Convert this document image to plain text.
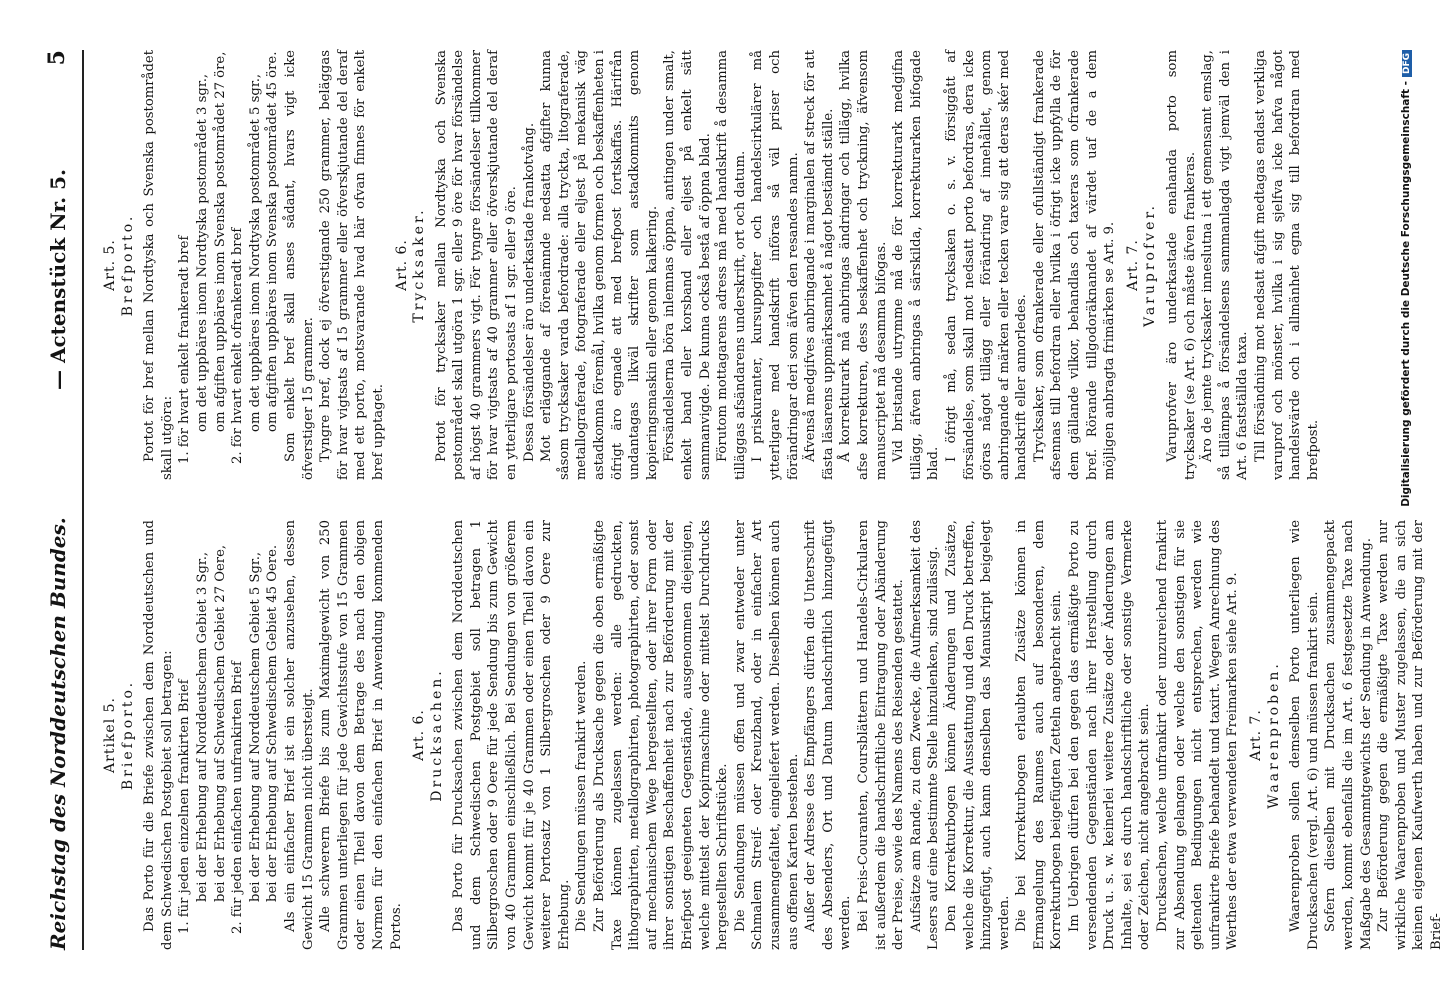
Reichstag des Norddeutschen Bundes.
— Actenstück Nr. 5.
5
Artikel 5. Briefporto. Das Porto für die Briefe zwischen dem Norddeutschen und dem Schwedischen Postgebiet soll betragen: 1. für jeden einzelnen frankirten Brief bei der Erhebung auf Norddeutschem Gebiet 3 Sgr., bei der Erhebung auf Schwedischem Gebiet 27 Oere, 2. für jeden einfachen unfrankirten Brief bei der Erhebung auf Norddeutschem Gebiet 5 Sgr., bei der Erhebung auf Schwedischem Gebiet 45 Oere. Als ein einfacher Brief ist ein solcher anzusehen, dessen Gewicht 15 Grammen nicht übersteigt. Alle schwerern Briefe bis zum Maximalgewicht von 250 Grammen unterliegen für jede Gewichtsstufe von 15 Grammen oder einen Theil davon dem Betrage des nach den obigen Normen für den einfachen Brief in Anwendung kommenden Portos.

Art. 6. Drucksachen. Das Porto für Drucksachen zwischen dem Norddeutschen und dem Schwedischen Postgebiet soll betragen 1 Silbergroschen oder 9 Oere für jede Sendung bis zum Gewicht von 40 Grammen einschließlich. Bei Sendungen von größerem Gewicht kommt für je 40 Grammen oder einen Theil davon ein weiterer Portosatz von 1 Silbergroschen oder 9 Oere zur Erhebung. Die Sendungen müssen frankirt werden. Zur Beförderung als Drucksache gegen die oben ermäßigte Taxe können zugelassen werden: alle gedruckten, lithographirten, metallographirten, photographirten, oder sonst auf mechanischem Wege hergestellten, oder ihrer Form oder ihrer sonstigen Beschaffenheit nach zur Beförderung mit der Briefpost geeigneten Gegenstände, ausgenommen diejenigen, welche mittelst der Kopirmaschine oder mittelst Durchdrucks hergestellten Schriftstücke. Die Sendungen müssen offen und zwar entweder unter Schmalem Streif- oder Kreuzband, oder in einfacher Art zusammengefaltet, eingeliefert werden. Dieselben können auch aus offenen Karten bestehen. Außer der Adresse des Empfängers dürfen die Unterschrift des Absenders, Ort und Datum handschriftlich hinzugefügt werden. Bei Preis-Couranten, Coursblättern und Handels-Cirkularen ist außerdem die handschriftliche Eintragung oder Abänderung der Preise, sowie des Namens des Reisenden gestattet. Aufsätze am Rande, zu dem Zwecke, die Aufmerksamkeit des Lesers auf eine bestimmte Stelle hinzulenken, sind zulässig. Den Korrekturbogen können Änderungen und Zusätze, welche die Korrektur, die Ausstattung und den Druck betreffen, hinzugefügt, auch kann denselben das Manuskript beigelegt werden. Die bei Korrekturbogen erlaubten Zusätze können in Ermangelung des Raumes auch auf besonderen, dem Korrekturbogen beigefügten Zetteln angebracht sein. Im Uebrigen dürfen bei den gegen das ermäßigte Porto zu versendenden Gegenständen nach ihrer Herstellung durch Druck u. s. w. keinerlei weitere Zusätze oder Änderungen am Inhalte, sei es durch handschriftliche oder sonstige Vermerke oder Zeichen, nicht angebracht sein. Drucksachen, welche unfrankirt oder unzureichend frankirt zur Absendung gelangen oder welche den sonstigen für sie geltenden Bedingungen nicht entsprechen, werden wie unfrankirte Briefe behandelt und taxirt. Wegen Anrechnung des Werthes der etwa verwendeten Freimarken siehe Art. 9. Art. 7. Waarenproben. Waarenproben sollen demselben Porto unterliegen wie Drucksachen (vergl. Art. 6) und müssen frankirt sein. Sofern dieselben mit Drucksachen zusammengepackt werden, kommt ebenfalls die im Art. 6 festgesetzte Taxe nach Maßgabe des Gesammtgewichts der Sendung in Anwendung. Zur Beförderung gegen die ermäßigte Taxe werden nur wirkliche Waarenproben und Muster zugelassen, die an sich keinen eigenen Kaufwerth haben und zur Beförderung mit der Brief-

Art. 5. Brefporto. Portot för bref mellan Nordtyska och Svenska postområdet skall utgöra: 1. för hvart enkelt frankeradt bref om det uppbäres inom Nordtyska postområdet 3 sgr., om afgiften uppbäres inom Svenska postområdet 27 öre, 2. för hvart enkelt ofrankeradt bref om det uppbäres inom Nordtyska postområdet 5 sgr., om afgiften uppbäres inom Svenska postområdet 45 öre. Som enkelt bref skall anses sådant, hvars vigt icke öfverstiger 15 grammer. Tyngre bref, dock ej öfverstigande 250 grammer, beläggas för hvar vigtsats af 15 grammer eller öfverskjutande del deraf med ett porto, motsvarande hvad här ofvan finnes för enkelt bref upptaget.

Art. 6. Trycksaker. Portot för trycksaker mellan Nordtyska och Svenska postområdet skall utgöra 1 sgr. eller 9 öre för hvar försändelse af högst 40 grammers vigt. För tyngre försändelser tillkommer för hvar vigtsats af 40 grammer eller öfverskjutande del deraf en ytterligare portosats af 1 sgr. eller 9 öre. Dessa försändelser äro underkastade frankotvång. Mot erläggande af förenämnde nedsatta afgifter kunna såsom trycksaker varda befordrade: alla tryckta, litograferade, metallograferade, fotograferade eller eljest på mekanisk väg astadkomna föremål, hvilka genom formen och beskaffenheten i öfrigt äro egnade att med brefpost fortskaffas. Härifrån undantagas likväl skrifter som astadkommits genom kopieringsmaskin eller genom kalkering. Försändelserna böra inlemnas öppna, antingen under smalt, enkelt band eller korsband eller eljest på enkelt sätt sammanvigde. De kunna också bestå af öppna blad. Förutom mottagarens adress må med handskrift å desamma tilläggas afsändarens underskrift, ort och datum. I priskuranter, kursuppgifter och handelscirkulärer må ytterligare med handskrift införas så väl priser och förändringar deri som äfven den resandes namn. Äfvenså medgifves anbringande i marginalen af streck för att fästa läsarens uppmärksamhet å något bestämdt ställe. Å korrekturark må anbringas ändringar och tillägg, hvilka afse korrekturen, dess beskaffenhet och tryckning, äfvensom manuscriptet må desamma bifogas. Vid bristande utrymme må de för korrekturark medgifna tillägg, äfven anbringas å särskilda, korrekturarken bifogade blad.

I öfrigt må, sedan trycksaken o. s. v. försiggått af försändelse, som skall mot nedsatt porto befordras, dera icke göras något tillägg eller förändring af innehållet, genom anbringande af märken eller tecken vare sig att deras skér med handskrift eller annorledes. Trycksaker, som ofrankerade eller ofullständigt frankerade afsennas till befordran eller hvilka i öfrigt icke uppfylla de för dem gällande vilkor, behandlas och taxeras som ofrankerade bref. Rörande tillgodoräknandet af värdet uaf de a dem möjligen anbragta frimärken se Art. 9. Art. 7. Varuprofver. Varuprofver äro underkastade enahanda porto som trycksaker (se Art. 6) och måste äfven frankeras. Äro de jemte trycksaker inneslutna i ett gemensamt emslag, så tillämpas å försändelsens sammanlagda vigt jemväl den i Art. 6 fastställda taxa. Till försändning mot nedsatt afgift medtagas endast verkliga varuprof och mönster, hvilka i sig sjelfva icke hafva något handelsvärde och i allmänhet egna sig till befordran med brefpost.	Digitalisierung gefördert durch die Deutsche Forschungsgemeinschaft -DFG
